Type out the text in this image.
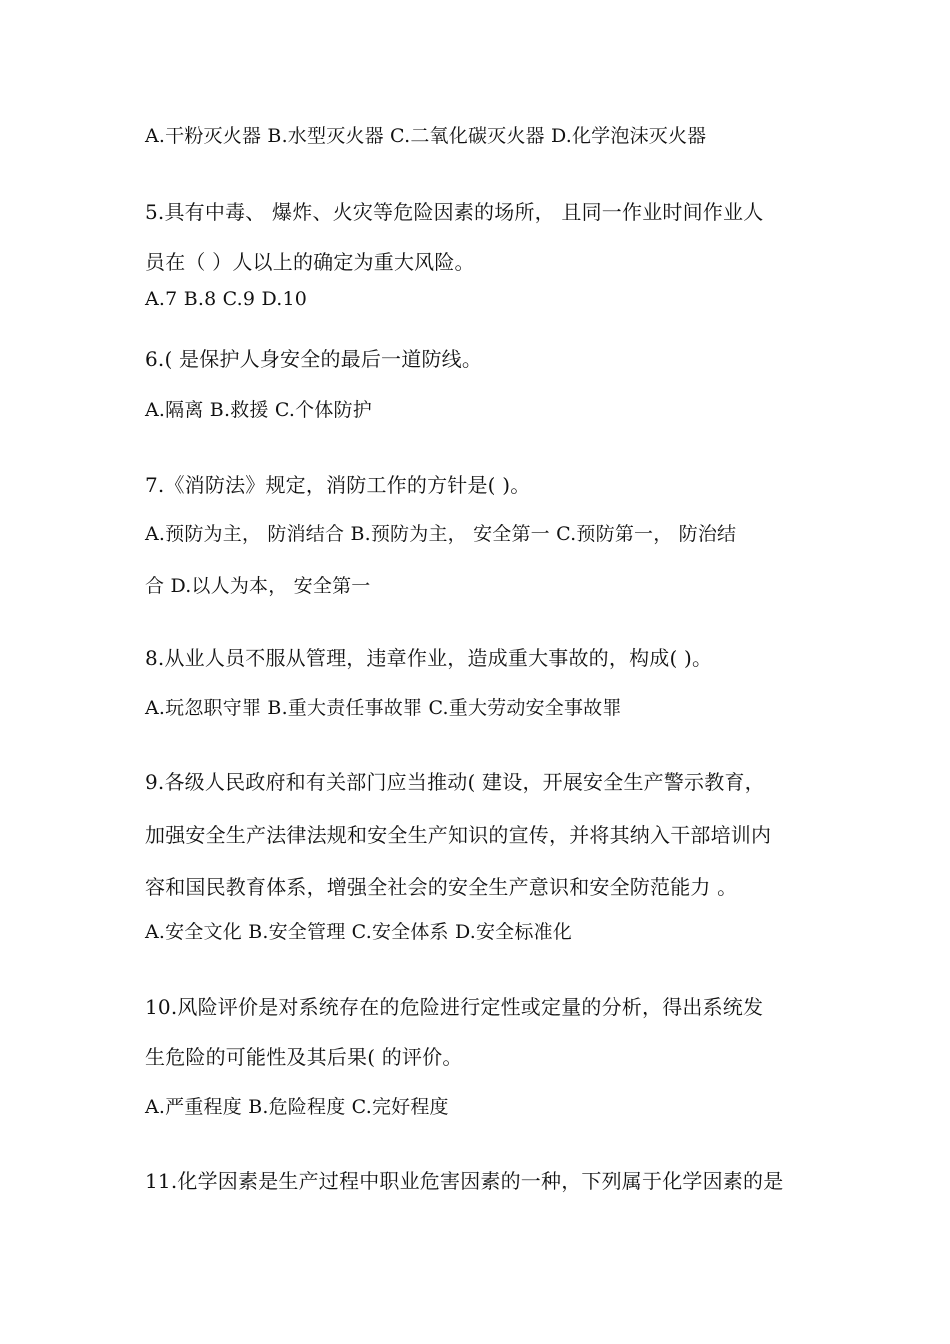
A.干粉灭火器 B.水型灭火器 C.二氧化碳灭火器 D.化学泡沫灭火器
5.具有中毒、 爆炸、火灾等危险因素的场所， 且同一作业时间作业人
员在（ ）人以上的确定为重大风险。
A.7 B.8 C.9 D.10
6.( 是保护人身安全的最后一道防线。
A.隔离 B.救援 C.个体防护
7.《消防法》规定，消防工作的方针是( )。
A.预防为主， 防消结合 B.预防为主， 安全第一 C.预防第一， 防治结
合 D.以人为本， 安全第一
8.从业人员不服从管理，违章作业，造成重大事故的，构成( )。
A.玩忽职守罪 B.重大责任事故罪 C.重大劳动安全事故罪
9.各级人民政府和有关部门应当推动( 建设，开展安全生产警示教育，
加强安全生产法律法规和安全生产知识的宣传，并将其纳入干部培训内
容和国民教育体系，增强全社会的安全生产意识和安全防范能力 。
A.安全文化 B.安全管理 C.安全体系 D.安全标准化
10.风险评价是对系统存在的危险进行定性或定量的分析，得出系统发
生危险的可能性及其后果( 的评价。
A.严重程度 B.危险程度 C.完好程度
11.化学因素是生产过程中职业危害因素的一种，下列属于化学因素的是
